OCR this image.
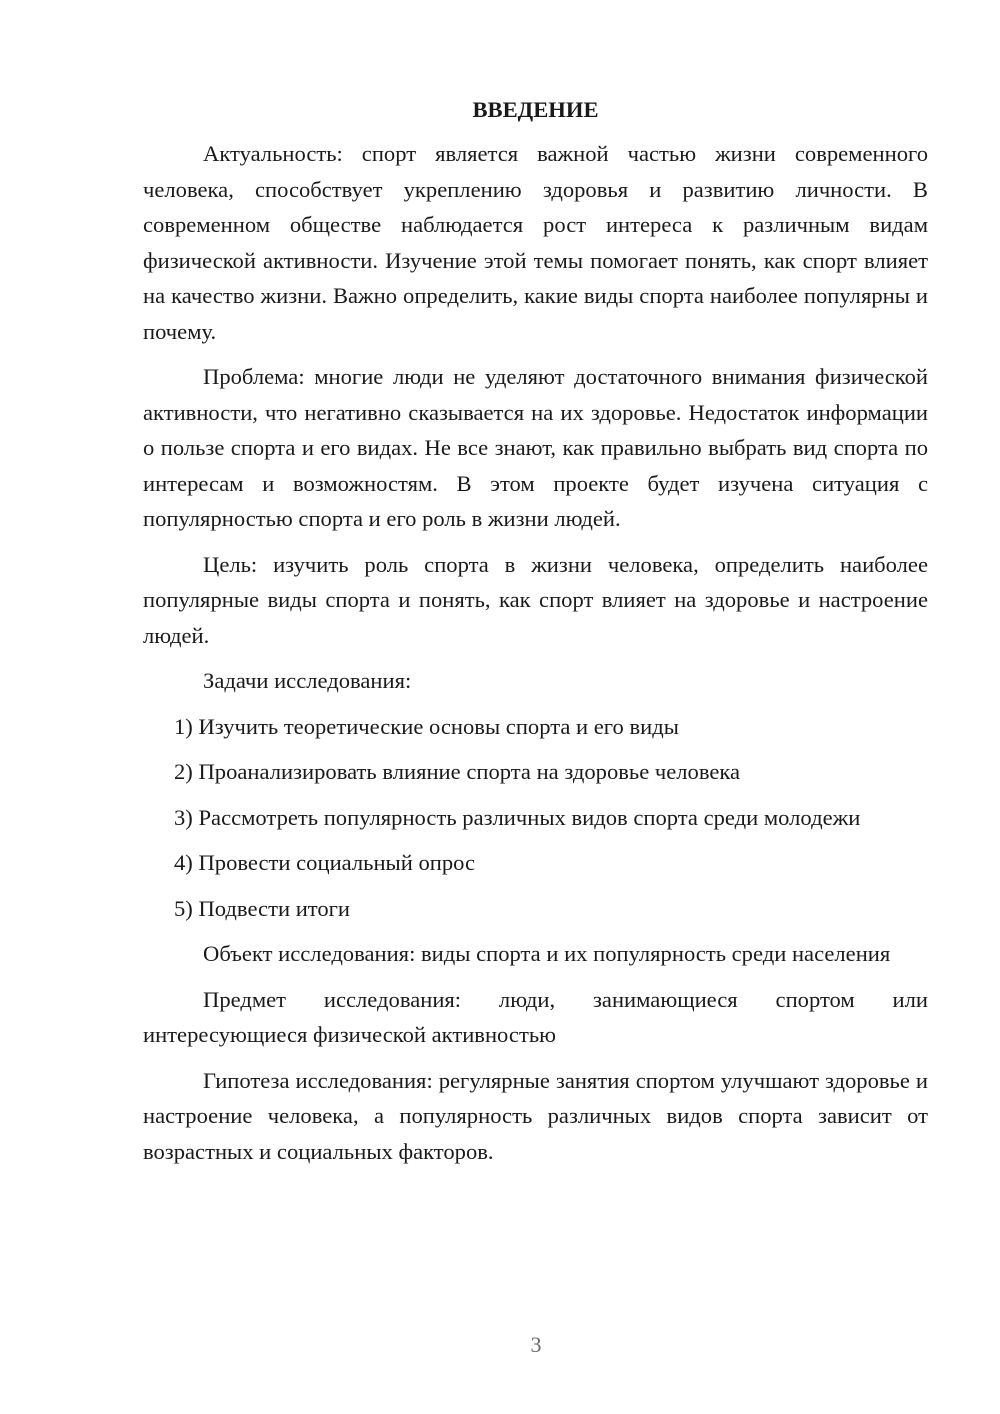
ВВЕДЕНИЕ

Актуальность: спорт является важной частью жизни современного человека, способствует укреплению здоровья и развитию личности. В современном обществе наблюдается рост интереса к различным видам физической активности. Изучение этой темы помогает понять, как спорт влияет на качество жизни. Важно определить, какие виды спорта наиболее популярны и почему.

Проблема: многие люди не уделяют достаточного внимания физической активности, что негативно сказывается на их здоровье. Недостаток информации о пользе спорта и его видах. Не все знают, как правильно выбрать вид спорта по интересам и возможностям. В этом проекте будет изучена ситуация с популярностью спорта и его роль в жизни людей.

Цель: изучить роль спорта в жизни человека, определить наиболее популярные виды спорта и понять, как спорт влияет на здоровье и настроение людей.

Задачи исследования:

1) Изучить теоретические основы спорта и его виды

2) Проанализировать влияние спорта на здоровье человека

3) Рассмотреть популярность различных видов спорта среди молодежи

4) Провести социальный опрос

5) Подвести итоги

Объект исследования: виды спорта и их популярность среди населения

Предмет исследования: люди, занимающиеся спортом или интересующиеся физической активностью

Гипотеза исследования: регулярные занятия спортом улучшают здоровье и настроение человека, а популярность различных видов спорта зависит от возрастных и социальных факторов.

3
